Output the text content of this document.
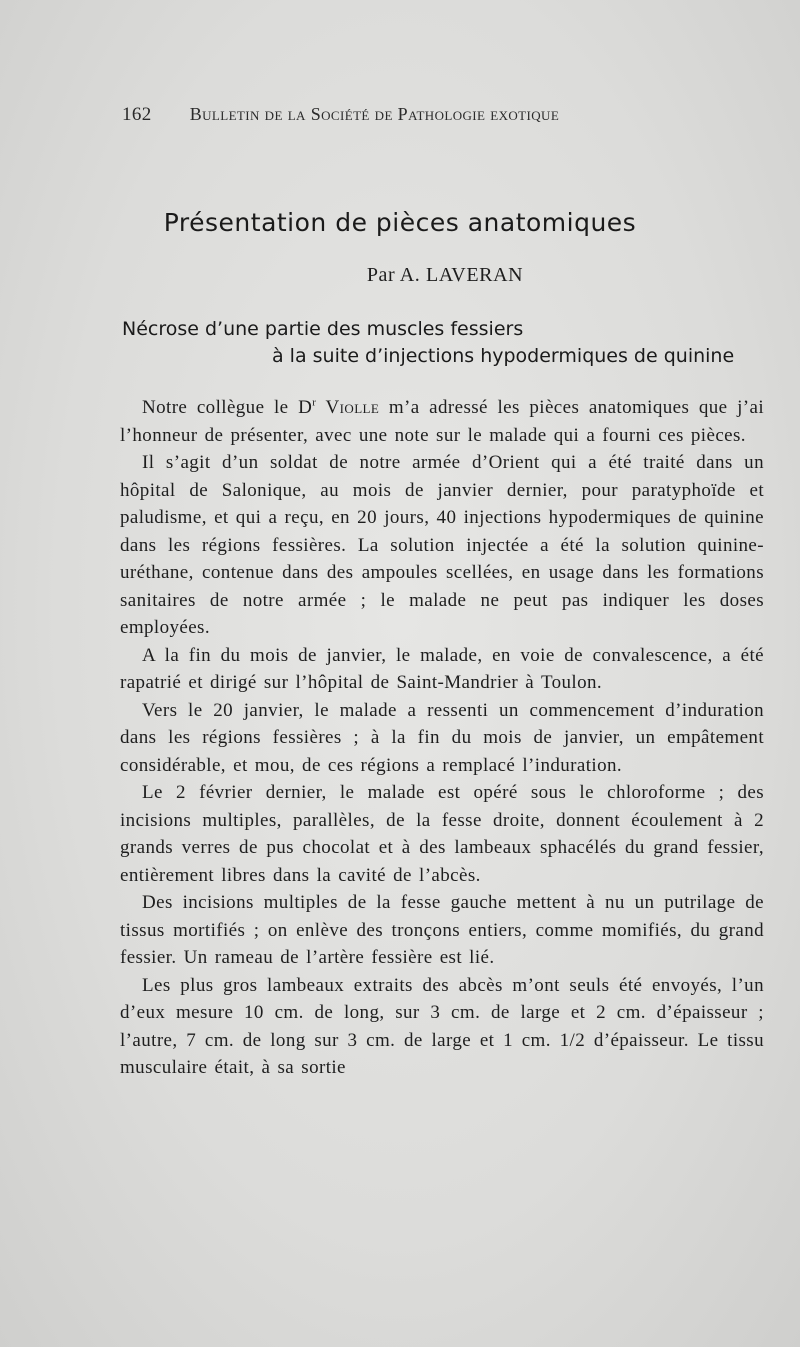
162 Bulletin de la Société de Pathologie exotique
Présentation de pièces anatomiques
Par A. LAVERAN
Nécrose d’une partie des muscles fessiers
à la suite d’injections hypodermiques de quinine

Notre collègue le $D^r$ Violle m’a adressé les pièces anatomiques que j’ai l’honneur de présenter, avec une note sur le malade qui a fourni ces pièces.

Il s’agit d’un soldat de notre armée d’Orient qui a été traité dans un hôpital de Salonique, au mois de janvier dernier, pour paratyphoïde et paludisme, et qui a reçu, en 20 jours, 40 injections hypodermiques de quinine dans les régions fessières. La solution injectée a été la solution quinine-uréthane, contenue dans des ampoules scellées, en usage dans les formations sanitaires de notre armée ; le malade ne peut pas indiquer les doses employées.

A la fin du mois de janvier, le malade, en voie de convalescence, a été rapatrié et dirigé sur l’hôpital de Saint-Mandrier à Toulon.

Vers le 20 janvier, le malade a ressenti un commencement d’induration dans les régions fessières ; à la fin du mois de janvier, un empâtement considérable, et mou, de ces régions a remplacé l’induration.

Le 2 février dernier, le malade est opéré sous le chloroforme ; des incisions multiples, parallèles, de la fesse droite, donnent écoulement à 2 grands verres de pus chocolat et à des lambeaux sphacélés du grand fessier, entièrement libres dans la cavité de l’abcès.

Des incisions multiples de la fesse gauche mettent à nu un putrilage de tissus mortifiés ; on enlève des tronçons entiers, comme momifiés, du grand fessier. Un rameau de l’artère fessière est lié.

Les plus gros lambeaux extraits des abcès m’ont seuls été envoyés, l’un d’eux mesure 10 cm. de long, sur 3 cm. de large et 2 cm. d’épaisseur ; l’autre, 7 cm. de long sur 3 cm. de large et 1 cm. 1/2 d’épaisseur. Le tissu musculaire était, à sa sortie
